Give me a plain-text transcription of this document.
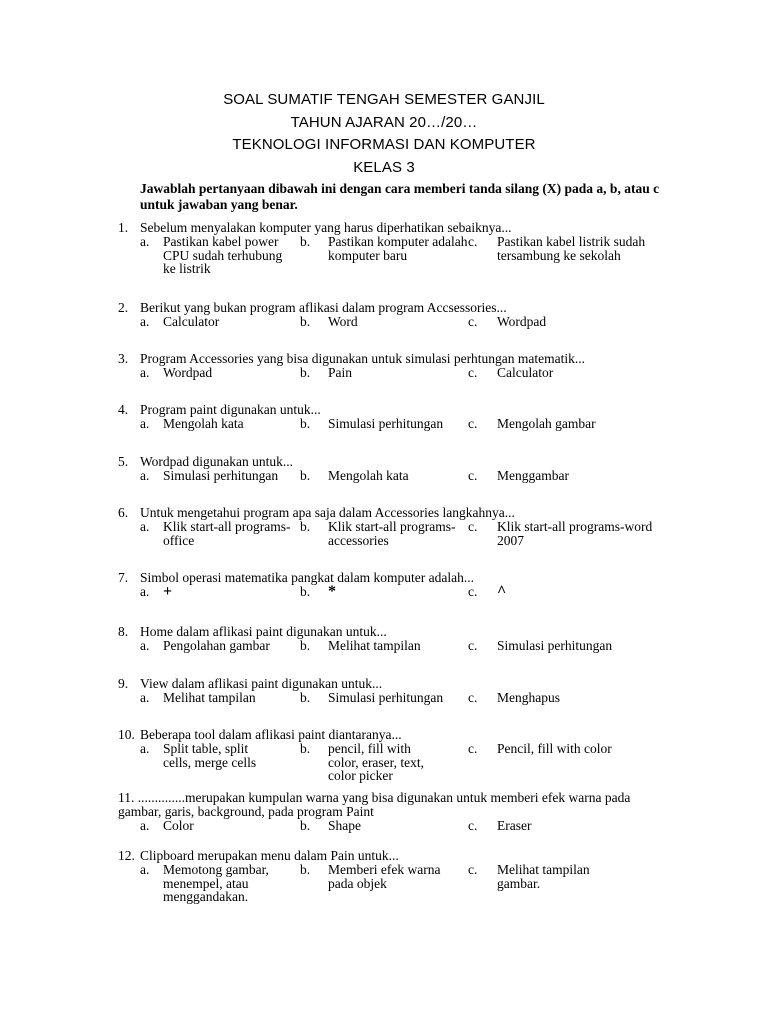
SOAL SUMATIF TENGAH SEMESTER GANJIL
TAHUN AJARAN 20…/20…
TEKNOLOGI INFORMASI DAN KOMPUTER
KELAS 3
Jawablah pertanyaan dibawah ini dengan cara memberi tanda silang (X) pada a, b, atau c untuk jawaban yang benar.
1. Sebelum menyalakan komputer yang harus diperhatikan sebaiknya...
a. Pastikan kabel power CPU sudah terhubung ke listrik
b. Pastikan komputer adalah komputer baru
c. Pastikan kabel listrik sudah tersambung ke sekolah
2. Berikut yang bukan program aflikasi dalam program Accsessories...
a. Calculator	b. Word	c. Wordpad
3. Program Accessories yang bisa digunakan untuk simulasi perhtungan matematik...
a. Wordpad	b. Pain	c. Calculator
4. Program paint digunakan untuk...
a. Mengolah kata	b. Simulasi perhitungan	c. Mengolah gambar
5. Wordpad digunakan untuk...
a. Simulasi perhitungan	b. Mengolah kata	c. Menggambar
6. Untuk mengetahui program apa saja dalam Accessories langkahnya...
a. Klik start-all programs-office
b. Klik start-all programs-accessories
c. Klik start-all programs-word 2007
7. Simbol operasi matematika pangkat dalam komputer adalah...
a. +	b. *	c. ^
8. Home dalam aflikasi paint digunakan untuk...
a. Pengolahan gambar	b. Melihat tampilan	c. Simulasi perhitungan
9. View dalam aflikasi paint digunakan untuk...
a. Melihat tampilan	b. Simulasi perhitungan	c. Menghapus
10. Beberapa tool dalam aflikasi paint diantaranya...
a. Split table, split cells, merge cells
b. pencil, fill with color, eraser, text, color picker
c. Pencil, fill with color
11. ..............merupakan kumpulan warna yang bisa digunakan untuk memberi efek warna pada gambar, garis, background, pada program Paint
a. Color	b. Shape	c. Eraser
12. Clipboard merupakan menu dalam Pain untuk...
a. Memotong gambar, menempel, atau menggandakan.
b. Memberi efek warna pada objek
c. Melihat tampilan gambar.
